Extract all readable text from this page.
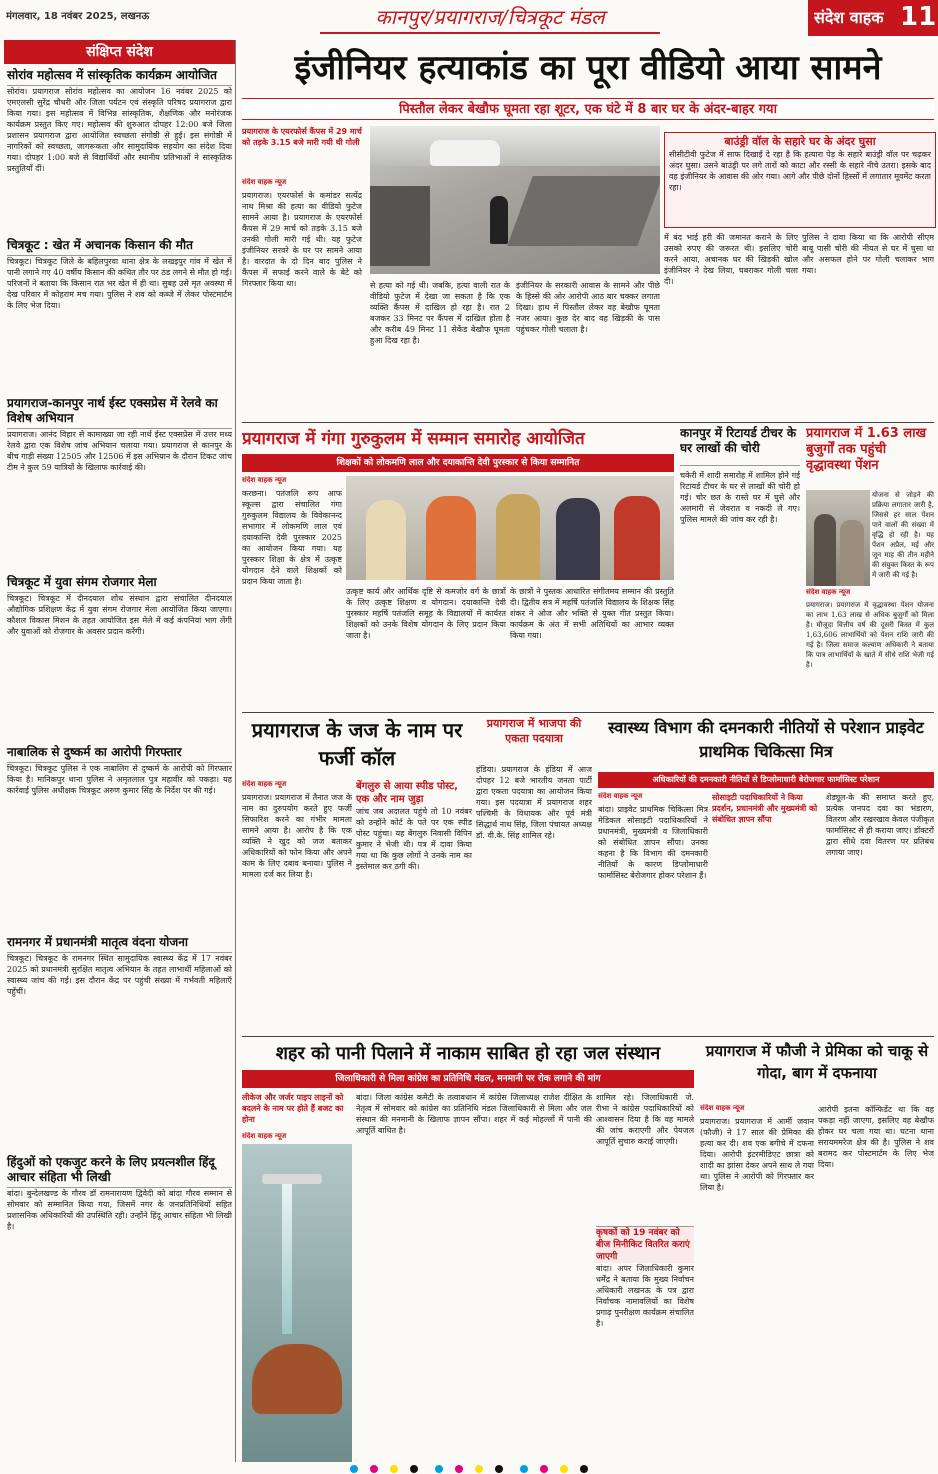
मंगलवार, 18 नवंबर 2025, लखनऊ	कानपुर/प्रयागराज/चित्रकूट मंडल	संदेश वाहक 11
संक्षिप्त संदेश
सोरांव महोत्सव में सांस्कृतिक कार्यक्रम आयोजित
सोरांव। प्रयागराज सोरांव महोत्सव का आयोजन 16 नवंबर 2025 को एमएलसी सुरेंद्र चौधरी और जिला पर्यटन एवं संस्कृति परिषद प्रयागराज द्वारा किया गया। इस महोत्सव में विभिन्न सांस्कृतिक, शैक्षणिक और मनोरंजक कार्यक्रम प्रस्तुत किए गए। महोत्सव की शुरुआत दोपहर 12:00 बजे जिला प्रशासन प्रयागराज द्वारा आयोजित स्वच्छता संगोष्ठी से हुई। इस संगोष्ठी में नागरिकों को स्वच्छता, जागरूकता और सामुदायिक सहयोग का संदेश दिया गया। दोपहर 1:00 बजे से विद्यार्थियों और स्थानीय प्रतिभाओं ने सांस्कृतिक प्रस्तुतियाँ दीं।
चित्रकूट : खेत में अचानक किसान की मौत
चित्रकूट। चित्रकूट जिले के बहिलपुरवा थाना क्षेत्र के लखइपुर गांव में खेत में पानी लगाने गए 40 वर्षीय किसान की कथित तौर पर ठंड लगने से मौत हो गई। परिजनों ने बताया कि किसान रात भर खेत में ही था। सुबह उसे मृत अवस्था में देख परिवार में कोहराम मच गया। पुलिस ने शव को कब्जे में लेकर पोस्टमार्टम के लिए भेज दिया।
प्रयागराज-कानपुर नार्थ ईस्ट एक्सप्रेस में रेलवे का विशेष अभियान
प्रयागराज। आनंद विहार से कामाख्या जा रही नार्थ ईस्ट एक्सप्रेस में उत्तर मध्य रेलवे द्वारा एक विशेष जांच अभियान चलाया गया। प्रयागराज से कानपुर के बीच गाड़ी संख्या 12505 और 12506 में इस अभियान के दौरान टिकट जांच टीम ने कुल 59 यात्रियों के खिलाफ कार्रवाई की।
चित्रकूट में युवा संगम रोजगार मेला
चित्रकूट। चित्रकूट में दीनदयाल शोध संस्थान द्वारा संचालित दीनदयाल औद्योगिक प्रशिक्षण केंद्र में युवा संगम रोजगार मेला आयोजित किया जाएगा। कौशल विकास मिशन के तहत आयोजित इस मेले में कई कंपनियां भाग लेंगी और युवाओं को रोजगार के अवसर प्रदान करेंगी।
नाबालिक से दुष्कर्म का आरोपी गिरफ्तार
चित्रकूट। चित्रकूट पुलिस ने एक नाबालिग से दुष्कर्म के आरोपी को गिरफ्तार किया है। मानिकपुर थाना पुलिस ने अमृतलाल पुत्र महावीर को पकड़ा। यह कार्रवाई पुलिस अधीक्षक चित्रकूट अरुण कुमार सिंह के निर्देश पर की गई।
रामनगर में प्रधानमंत्री मातृत्व वंदना योजना
चित्रकूट। चित्रकूट के रामनगर स्थित सामुदायिक स्वास्थ्य केंद्र में 17 नवंबर 2025 को प्रधानमंत्री सुरक्षित मातृत्व अभियान के तहत लाभार्थी महिलाओं को स्वास्थ्य जांच की गई। इस दौरान केंद्र पर पहुंची संख्या में गर्भवती महिलाएँ पहुँचीं।
हिंदुओं को एकजुट करने के लिए प्रयत्नशील हिंदू आचार संहिता भी लिखी
बांदा। बुन्देलखण्ड के गौरव डॉ रामनारायण द्विवेदी को बांदा गौरव सम्मान से सोमवार को सम्मानित किया गया, जिसमें नगर के जनप्रतिनिधियों सहित प्रशासनिक अधिकारियों की उपस्थिति रही। उन्होंने हिंदू आचार संहिता भी लिखी है।
इंजीनियर हत्याकांड का पूरा वीडियो आया सामने
पिस्तौल लेकर बेखौफ घूमता रहा शूटर, एक घंटे में 8 बार घर के अंदर-बाहर गया
प्रयागराज के एयरफोर्स कैंपस में 29 मार्च को तड़के 3.15 बजे मारी गयी थी गोली
संदेश वाहक न्यूज
प्रयागराज। एयरफोर्स के कमांडर सत्येंद्र नाथ मिश्रा की हत्या का वीडियो फुटेज सामने आया है। प्रयागराज के एयरफोर्स कैंपस में 29 मार्च को तड़के 3.15 बजे उनकी गोली मारी गई थी। यह फुटेज इंजीनियर सरवरे के घर पर सामने आया है। वारदात के दो दिन बाद पुलिस ने कैंपस में सफाई करने वाले के बेटे को गिरफ्तार किया था।	से हत्या को गई थी। जबकि, हत्या वाली रात के वीडियो फुटेज में देखा जा सकता है कि एक व्यक्ति कैंपस में दाखिल हो रहा है। रात 2 बजकर 33 मिनट पर कैंपस में दाखिल होता है और करीब 49 मिनट 11 सेकेंड बेखौफ घूमता हुआ दिख रहा है।
इंजीनियर के सरकारी आवास के सामने और पीछे के हिस्से की ओर आरोपी आठ बार चक्कर लगाता दिखा। हाथ में पिस्तौल लेकर वह बेखौफ घूमता नजर आया। कुछ देर बाद वह खिड़की के पास पहुंचकर गोली चलाता है।
बाउंड्री वॉल के सहारे घर के अंदर घुसा
सीसीटीवी फुटेज में साफ दिखाई दे रहा है कि हत्यारा पेड़ के सहारे बाउंड्री वॉल पर चढ़कर अंदर घुसा। उसने बाउंड्री पर लगे तारों को काटा और रस्सी के सहारे नीचे उतरा। इसके बाद वह इंजीनियर के आवास की ओर गया। आगे और पीछे दोनों हिस्सों में लगातार मूवमेंट करता रहा।
में बंद भाई हरी की जमानत कराने के लिए उसको रुपए की जरूरत थी। इसलिए चोरी करने आया, अचानक घर की खिड़की खोल इंजीनियर ने देख लिया, घबराकर गोली चला दी।
पुलिस ने दावा किया था कि आरोपी सीएम बाबू पासी चोरी की नीयत से घर में घुसा था और असफल होने पर गोली चलाकर भाग गया।
प्रयागराज में गंगा गुरुकुलम में सम्मान समारोह आयोजित
शिक्षकों को लोकमणि लाल और दयाकान्ति देवी पुरस्कार से किया सम्मानित
संदेश वाहक न्यूज
करछना। पतंजलि रूप आफ स्कूल्स द्वारा संचालित गंगा गुरुकुलम विद्यालय के विवेकानन्द सभागार में लोकमणि लाल एवं दयाकान्ति देवी पुरस्कार 2025 का आयोजन किया गया। यह पुरस्कार शिक्षा के क्षेत्र में उत्कृष्ट योगदान देने वाले शिक्षकों को प्रदान किया जाता है।
उत्कृष्ट कार्य और आर्थिक दृष्टि से कमजोर वर्ग के छात्रों के लिए उत्कृष्ट शिक्षण व योगदान। दयाकान्ति देवी पुरस्कार महर्षि पतंजलि समूह के विद्यालयों में कार्यरत शिक्षकों को उनके विशेष योगदान के लिए प्रदान किया जाता है।
के छात्रों ने पुस्तक आधारित संगीतमय सम्मान की प्रस्तुति दी। द्वितीय सत्र में महर्षि पतंजलि विद्यालय के शिक्षक सिंह शंकर ने ओज और भक्ति से युक्त गीत प्रस्तुत किया। कार्यक्रम के अंत में सभी अतिथियों का आभार व्यक्त किया गया।
कानपुर में रिटायर्ड टीचर के घर लाखों की चोरी
चकेरी में शादी समारोह में शामिल होने गई रिटायर्ड टीचर के घर से लाखों की चोरी हो गई। चोर छत के रास्ते घर में घुसे और अलमारी से जेवरात व नकदी ले गए। पुलिस मामले की जांच कर रही है।
प्रयागराज में 1.63 लाख बुजुर्गों तक पहुंची वृद्धावस्था पेंशन
योजना से जोड़ने की प्रक्रिया लगातार जारी है, जिससे हर साल पेंशन पाने वालों की संख्या में वृद्धि हो रही है। यह पेंशन अप्रैल, मई और जून माह की तीन महीने की संयुक्त किस्त के रूप में जारी की गई है।
संदेश वाहक न्यूज
प्रयागराज। प्रयागराज में वृद्धावस्था पेंशन योजना का लाभ 1.63 लाख से अधिक बुजुर्गों को मिला है। मौजूदा वित्तीय वर्ष की दूसरी किस्त में कुल 1,63,606 लाभार्थियों को पेंशन राशि जारी की गई है। जिला समाज कल्याण अधिकारी ने बताया कि पात्र लाभार्थियों के खाते में सीधे राशि भेजी गई है।
प्रयागराज के जज के नाम पर फर्जी कॉल
संदेश वाहक न्यूज
प्रयागराज। प्रयागराज में तैनात जज के नाम का दुरुपयोग करते हुए फर्जी सिफारिश करने का गंभीर मामला सामने आया है। आरोप है कि एक व्यक्ति ने खुद को जज बताकर अधिकारियों को फोन किया और अपने काम के लिए दबाव बनाया। पुलिस ने मामला दर्ज कर लिया है।
बेंगलुरु से आया स्पीड पोस्ट, एक और नाम जुड़ा
जांच जब अदालत पहुंचे तो 10 नवंबर को उन्होंने कोर्ट के पते पर एक स्पीड पोस्ट पहुंचा। यह बेंगलुरु निवासी विपिन कुमार ने भेजी थी। पत्र में दावा किया गया था कि कुछ लोगों ने उनके नाम का इस्तेमाल कर ठगी की।
प्रयागराज में भाजपा की एकता पदयात्रा
हंडिया। प्रयागराज के हंडिया में आज दोपहर 12 बजे भारतीय जनता पार्टी द्वारा एकता पदयात्रा का आयोजन किया गया। इस पदयात्रा में प्रयागराज शहर पश्चिमी के विधायक और पूर्व मंत्री सिद्धार्थ नाथ सिंह, जिला पंचायत अध्यक्ष डॉ. वी.के. सिंह शामिल रहे।
स्वास्थ्य विभाग की दमनकारी नीतियों से परेशान प्राइवेट प्राथमिक चिकित्सा मित्र
अधिकारियों की दमनकारी नीतियों से डिप्लोमाधारी बेरोजगार फार्मासिस्ट परेशान
संदेश वाहक न्यूज
बांदा। प्राइवेट प्राथमिक चिकित्सा मित्र मेडिकल सोसाइटी पदाधिकारियों ने प्रधानमंत्री, मुख्यमंत्री व जिलाधिकारी को संबोधित ज्ञापन सौंपा। उनका कहना है कि विभाग की दमनकारी नीतियों के कारण डिप्लोमाधारी फार्मासिस्ट बेरोजगार होकर परेशान हैं।
सोसाइटी पदाधिकारियों ने किया प्रदर्शन, प्रधानमंत्री और मुख्यमंत्री को संबोधित ज्ञापन सौंपा
शेड्यूल-के की समाप्त करते हुए, प्रत्येक जनपद दवा का भंडारण, वितरण और रखरखाव केवल पंजीकृत फार्मासिस्ट से ही कराया जाए। डॉक्टरों द्वारा सीधे दवा वितरण पर प्रतिबंध लगाया जाए।
शहर को पानी पिलाने में नाकाम साबित हो रहा जल संस्थान
जिलाधिकारी से मिला कांग्रेस का प्रतिनिधि मंडल, मनमानी पर रोक लगाने की मांग
लीकेज और जर्जर पाइप लाइनों को बदलने के नाम पर होते हैं बजट का होना
संदेश वाहक न्यूज
बांदा। जिला कांग्रेस कमेटी के तत्वावधान में कांग्रेस जिलाध्यक्ष राजेश दीक्षित के नेतृत्व में सोमवार को कांग्रेस का प्रतिनिधि मंडल जिलाधिकारी से मिला और जल संस्थान की मनमानी के खिलाफ ज्ञापन सौंपा। शहर में कई मोहल्लों में पानी की आपूर्ति बाधित है।
शामिल रहे। जिलाधिकारी जे. रीभा ने कांग्रेस पदाधिकारियों को आश्वासन दिया है कि वह मामले की जांच कराएगी और पेयजल आपूर्ति सुचारु कराई जाएगी।
कृषकों को 19 नवंबर को बीज मिनीकिट वितरित कराएं जाएगी
बांदा। अपर जिलाधिकारी कुमार धर्मेंद्र ने बताया कि मुख्य निर्वाचन अधिकारी लखनऊ के पत्र द्वारा निर्वाचक नामावलियों का विशेष प्रगाढ़ पुनरीक्षण कार्यक्रम संचालित है।
प्रयागराज में फौजी ने प्रेमिका को चाकू से गोदा, बाग में दफनाया
संदेश वाहक न्यूज
प्रयागराज। प्रयागराज में आर्मी जवान (फौजी) ने 17 साल की प्रेमिका की हत्या कर दी। शव एक बगीचे में दफना दिया। आरोपी इंटरमीडिएट छात्रा को शादी का झांसा देकर अपने साथ ले गया था। पुलिस ने आरोपी को गिरफ्तार कर लिया है।
आरोपी इतना कॉन्फिडेंट था कि वह पकड़ा नहीं जाएगा, इसलिए वह बेखौफ होकर घर चला गया था। घटना थाना सरायममरेज क्षेत्र की है। पुलिस ने शव बरामद कर पोस्टमार्टम के लिए भेज दिया।
